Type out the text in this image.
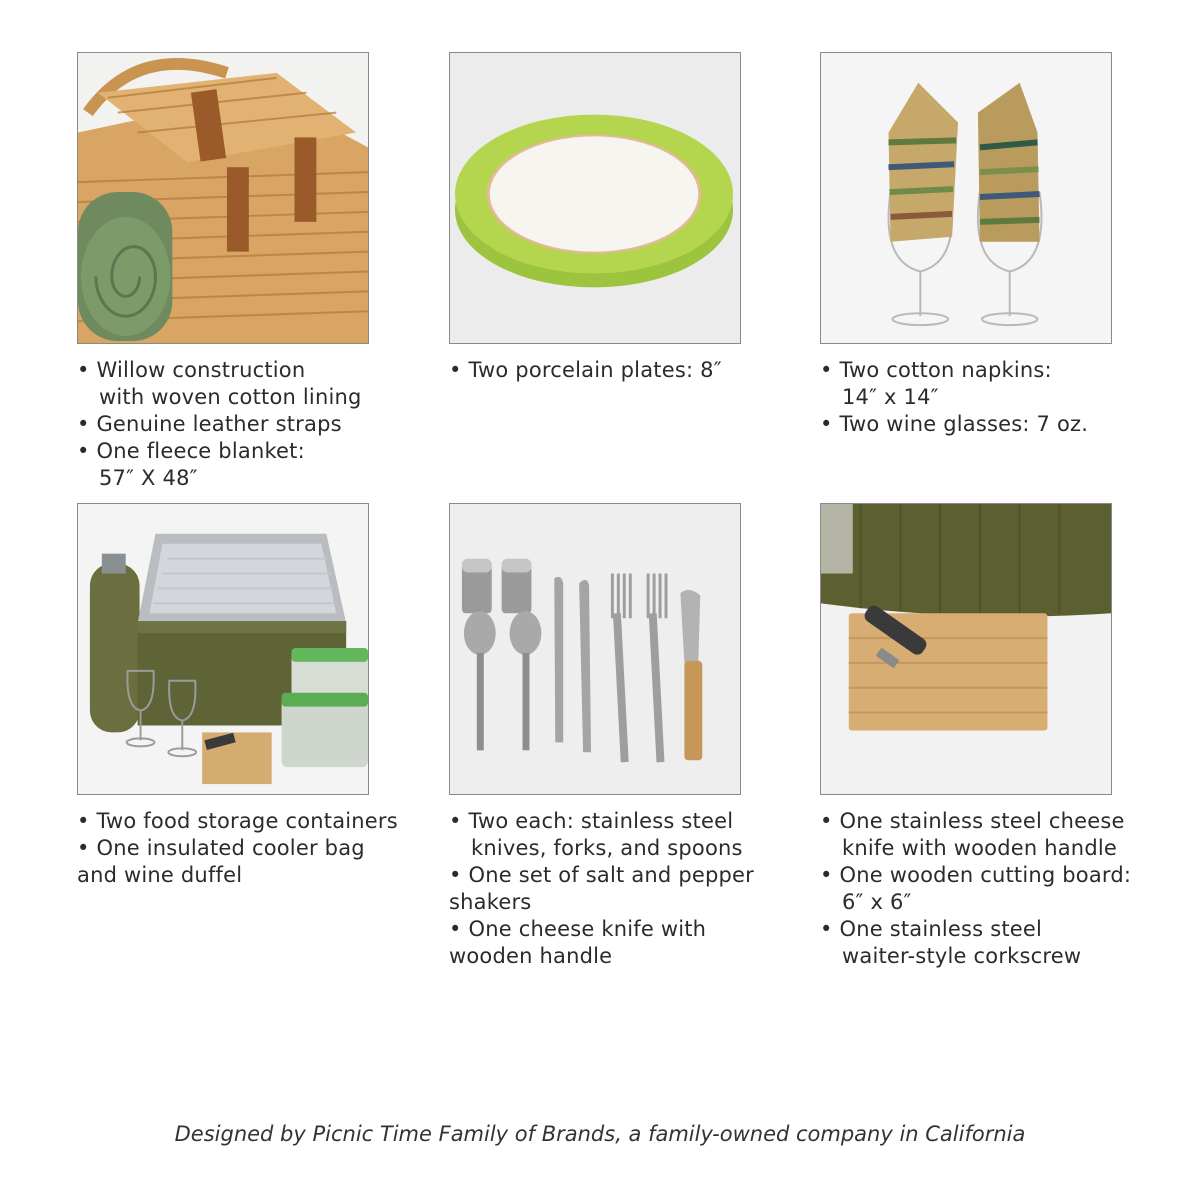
• Willow construction
with woven cotton lining
• Genuine leather straps
• One fleece blanket:
57″ X 48″
• Two porcelain plates: 8″	• Two cotton napkins:
14″ x 14″
• Two wine glasses: 7 oz.
• Two food storage containers
• One insulated cooler bag
and wine duffel
• Two each: stainless steel
knives, forks, and spoons
• One set of salt and pepper
shakers
• One cheese knife with
wooden handle
• One stainless steel cheese
knife with wooden handle
• One wooden cutting board:
6″ x 6″
• One stainless steel
waiter-style corkscrew
Designed by Picnic Time Family of Brands, a family-owned company in California
